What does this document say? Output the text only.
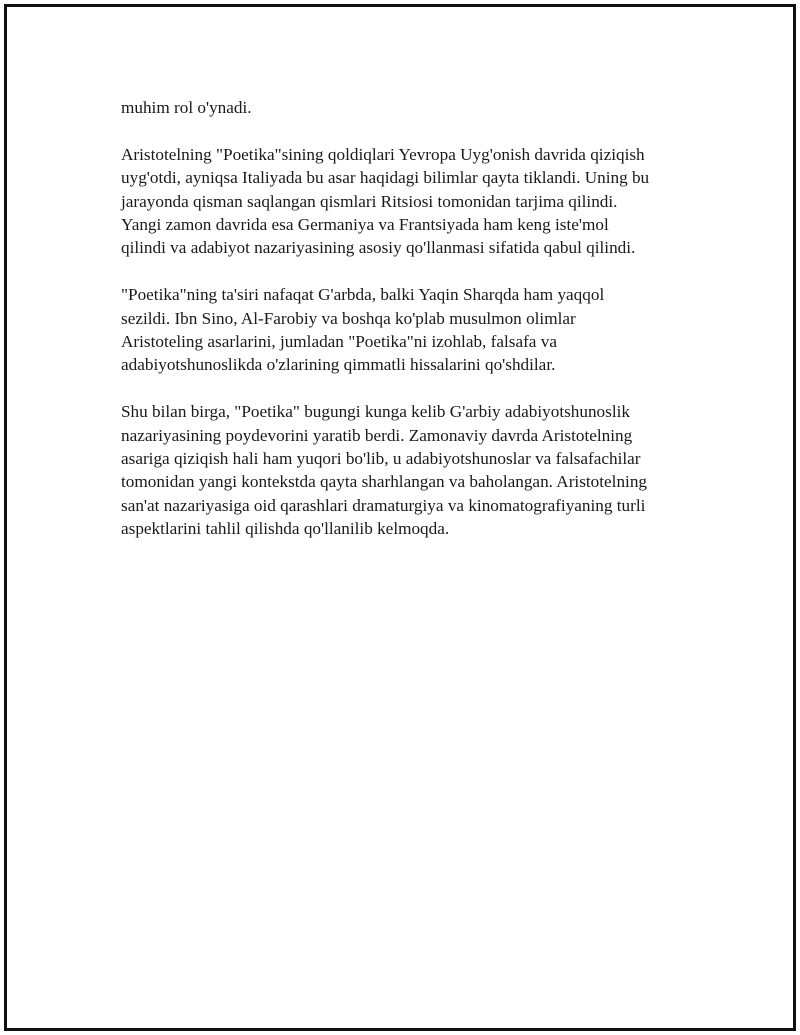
muhim rol o'ynadi.

Aristotelning "Poetika"sining qoldiqlari Yevropa Uyg'onish davrida qiziqish
uyg'otdi, ayniqsa Italiyada bu asar haqidagi bilimlar qayta tiklandi. Uning bu
jarayonda qisman saqlangan qismlari Ritsiosi tomonidan tarjima qilindi.
Yangi zamon davrida esa Germaniya va Frantsiyada ham keng iste'mol
qilindi va adabiyot nazariyasining asosiy qo'llanmasi sifatida qabul qilindi.

"Poetika"ning ta'siri nafaqat G'arbda, balki Yaqin Sharqda ham yaqqol
sezildi. Ibn Sino, Al-Farobiy va boshqa ko'plab musulmon olimlar
Aristoteling asarlarini, jumladan "Poetika"ni izohlab, falsafa va
adabiyotshunoslikda o'zlarining qimmatli hissalarini qo'shdilar.

Shu bilan birga, "Poetika" bugungi kunga kelib G'arbiy adabiyotshunoslik
nazariyasining poydevorini yaratib berdi. Zamonaviy davrda Aristotelning
asariga qiziqish hali ham yuqori bo'lib, u adabiyotshunoslar va falsafachilar
tomonidan yangi kontekstda qayta sharhlangan va baholangan. Aristotelning
san'at nazariyasiga oid qarashlari dramaturgiya va kinomatografiyaning turli
aspektlarini tahlil qilishda qo'llanilib kelmoqda.
